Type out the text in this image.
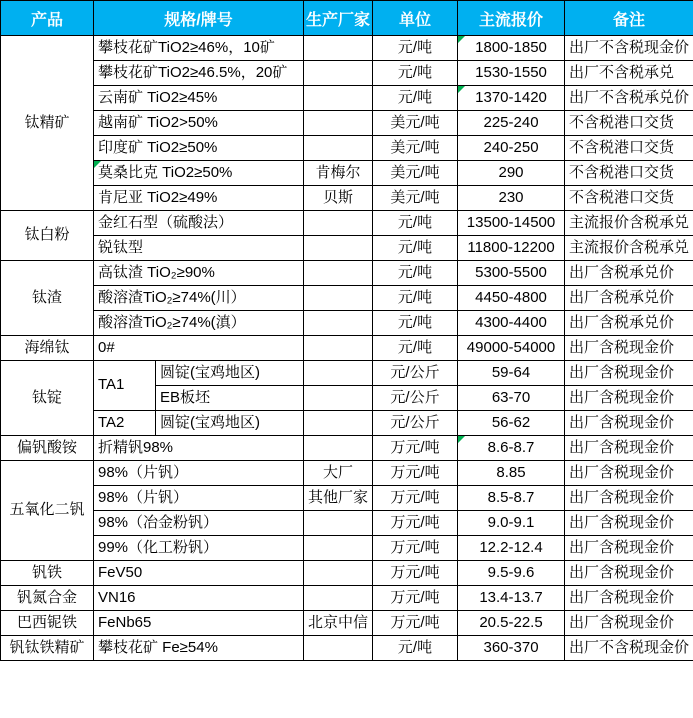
产品	规格/牌号		生产厂家	单位	主流报价	备注
钛精矿	攀枝花矿TiO2≥46%，10矿			元/吨	1800-1850	出厂不含税现金价
	攀枝花矿TiO2≥46.5%，20矿			元/吨	1530-1550	出厂不含税承兑
	云南矿 TiO2≥45%			元/吨	1370-1420	出厂不含税承兑价
	越南矿 TiO2>50%			美元/吨	225-240	不含税港口交货
	印度矿 TiO2≥50%			美元/吨	240-250	不含税港口交货
	莫桑比克 TiO2≥50%		肯梅尔	美元/吨	290	不含税港口交货
	肯尼亚 TiO2≥49%		贝斯	美元/吨	230	不含税港口交货
钛白粉	金红石型（硫酸法）			元/吨	13500-14500	主流报价含税承兑
	锐钛型			元/吨	11800-12200	主流报价含税承兑
钛渣	高钛渣 TiO₂≥90%			元/吨	5300-5500	出厂含税承兑价
	酸溶渣TiO₂≥74%(川）			元/吨	4450-4800	出厂含税承兑价
	酸溶渣TiO₂≥74%(滇）			元/吨	4300-4400	出厂含税承兑价
海绵钛	0#			元/吨	49000-54000	出厂含税现金价
钛锭	TA1	圆锭(宝鸡地区)		元/公斤	59-64	出厂含税现金价
		EB板坯		元/公斤	63-70	出厂含税现金价
	TA2	圆锭(宝鸡地区)		元/公斤	56-62	出厂含税现金价
偏钒酸铵	折精钒98%			万元/吨	8.6-8.7	出厂含税现金价
五氧化二钒	98%（片钒）		大厂	万元/吨	8.85	出厂含税现金价
	98%（片钒）		其他厂家	万元/吨	8.5-8.7	出厂含税现金价
	98%（冶金粉钒）			万元/吨	9.0-9.1	出厂含税现金价
	99%（化工粉钒）			万元/吨	12.2-12.4	出厂含税现金价
钒铁	FeV50			万元/吨	9.5-9.6	出厂含税现金价
钒氮合金	VN16			万元/吨	13.4-13.7	出厂含税现金价
巴西铌铁	FeNb65		北京中信	万元/吨	20.5-22.5	出厂含税现金价
钒钛铁精矿	攀枝花矿 Fe≥54%			元/吨	360-370	出厂不含税现金价
